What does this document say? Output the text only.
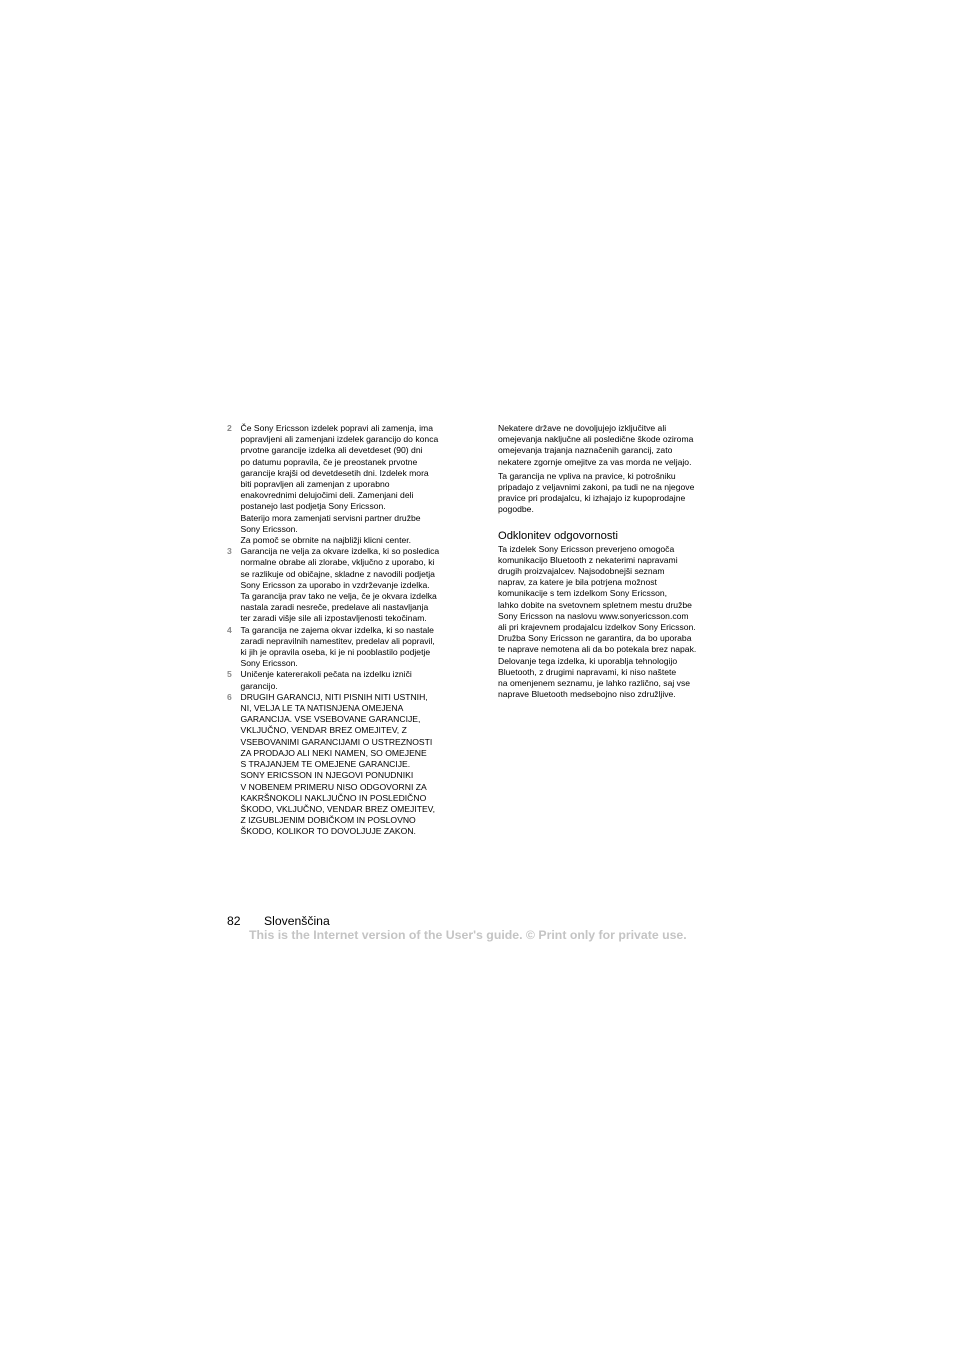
2	Če Sony Ericsson izdelek popravi ali zamenja, ima
popravljeni ali zamenjani izdelek garancijo do konca
prvotne garancije izdelka ali devetdeset (90) dni
po datumu popravila, če je preostanek prvotne
garancije krajši od devetdesetih dni. Izdelek mora
biti popravljen ali zamenjan z uporabno
enakovrednimi delujočimi deli. Zamenjani deli
postanejo last podjetja Sony Ericsson.
Baterijo mora zamenjati servisni partner družbe
Sony Ericsson.
Za pomoč se obrnite na najbližji klicni center.
3	Garancija ne velja za okvare izdelka, ki so posledica
normalne obrabe ali zlorabe, vključno z uporabo, ki
se razlikuje od običajne, skladne z navodili podjetja
Sony Ericsson za uporabo in vzdrževanje izdelka.
Ta garancija prav tako ne velja, če je okvara izdelka
nastala zaradi nesreče, predelave ali nastavljanja
ter zaradi višje sile ali izpostavljenosti tekočinam.
4	Ta garancija ne zajema okvar izdelka, ki so nastale
zaradi nepravilnih namestitev, predelav ali popravil,
ki jih je opravila oseba, ki je ni pooblastilo podjetje
Sony Ericsson.
5	Uničenje katerегakoli pečata na izdelku izniči
garancijo.
6	DRUGIH GARANCIJ, NITI PISNIH NITI USTNIH,
NI, VELJA LE TA NATISNJENA OMEJENA
GARANCIJA. VSE VSEBOVANE GARANCIJE,
VKLJUČNO, VENDAR BREZ OMEJITEV, Z
VSEBOVANIMI GARANCIJAMI O USTREZNOSTI
ZA PRODAJO ALI NEKI NAMEN, SO OMEJENE
S TRAJANJEM TE OMEJENE GARANCIJE.
SONY ERICSSON IN NJEGOVI PONUDNIKI
V NOBENEM PRIMERU NISO ODGOVORNI ZA
KAKRŠNOKOLI NAKLJUČNO IN POSLEDIČNO
ŠKODO, VKLJUČNO, VENDAR BREZ OMEJITEV,
Z IZGUBLJENIM DOBIČKOM IN POSLOVNO
ŠKODO, KOLIKOR TO DOVOLJUJE ZAKON.
Nekatere države ne dovoljujejo izključitve ali
omejevanja naključne ali posledične škode oziroma
omejevanja trajanja naznačenih garancij, zato
nekatere zgornje omejitve za vas morda ne veljajo.
Ta garancija ne vpliva na pravice, ki potrošniku
pripadajo z veljavnimi zakoni, pa tudi ne na njegove
pravice pri prodajalcu, ki izhajajo iz kupoprodajne
pogodbe.
Odklonitev odgovornosti
Ta izdelek Sony Ericsson preverjeno omogoča
komunikacijo Bluetooth z nekaterimi napravami
drugih proizvajalcev. Najsodobnejši seznam
naprav, za katere je bila potrjena možnost
komunikacije s tem izdelkom Sony Ericsson,
lahko dobite na svetovnem spletnem mestu družbe
Sony Ericsson na naslovu www.sonyericsson.com
ali pri krajevnem prodajalcu izdelkov Sony Ericsson.
Družba Sony Ericsson ne garantira, da bo uporaba
te naprave nemotena ali da bo potekala brez napak.
Delovanje tega izdelka, ki uporablja tehnologijo
Bluetooth, z drugimi napravami, ki niso naštete
na omenjenem seznamu, je lahko različno, saj vse
naprave Bluetooth medsebojno niso združljive.
82 Slovenščina
This is the Internet version of the User's guide. © Print only for private use.
